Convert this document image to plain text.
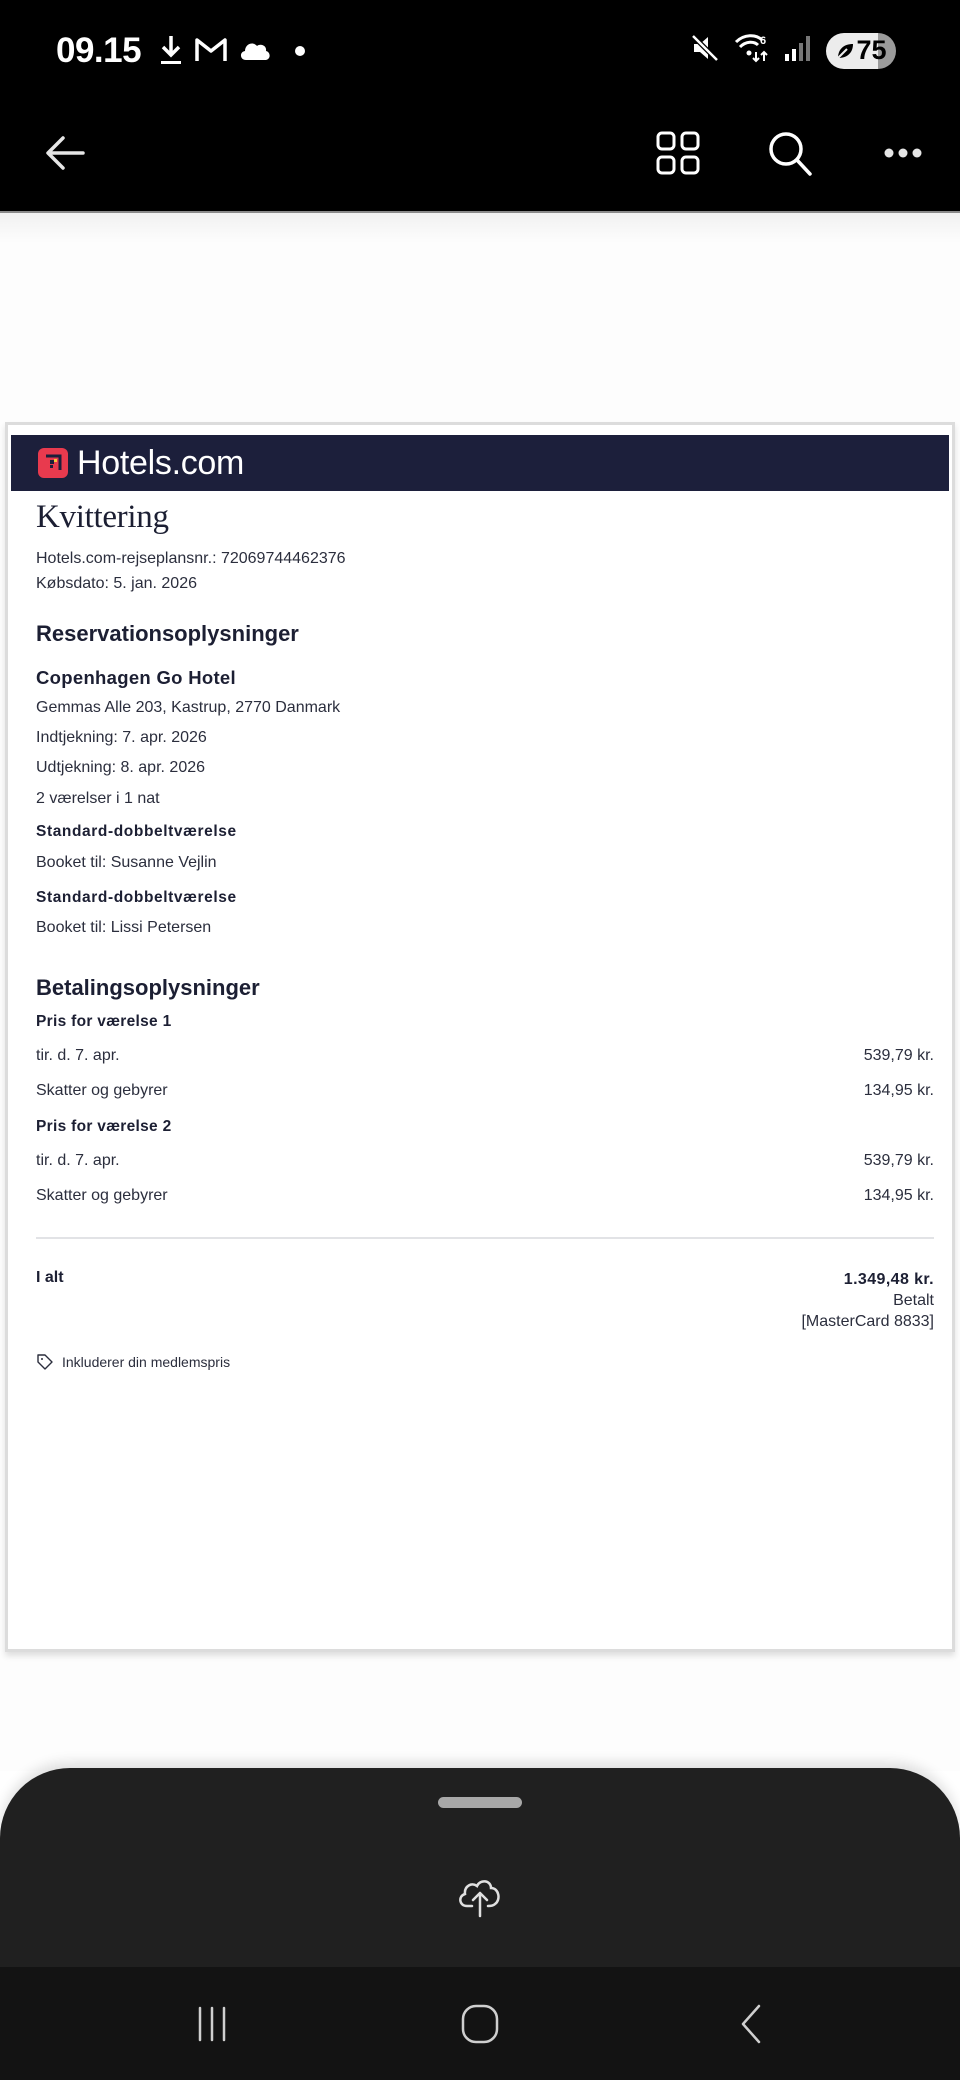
09.15	6	75
Hotels.com
Kvittering
Hotels.com-rejseplansnr.: 72069744462376
Købsdato: 5. jan. 2026
Reservationsoplysninger
Copenhagen Go Hotel
Gemmas Alle 203, Kastrup, 2770 Danmark
Indtjekning: 7. apr. 2026
Udtjekning: 8. apr. 2026
2 værelser i 1 nat
Standard-dobbeltværelse
Booket til: Susanne Vejlin
Standard-dobbeltværelse
Booket til: Lissi Petersen
Betalingsoplysninger
Pris for værelse 1
tir. d. 7. apr.	539,79 kr.
Skatter og gebyrer	134,95 kr.
Pris for værelse 2
tir. d. 7. apr.	539,79 kr.
Skatter og gebyrer	134,95 kr.
I alt	1.349,48 kr.
Betalt
[MasterCard 8833]
Inkluderer din medlemspris
